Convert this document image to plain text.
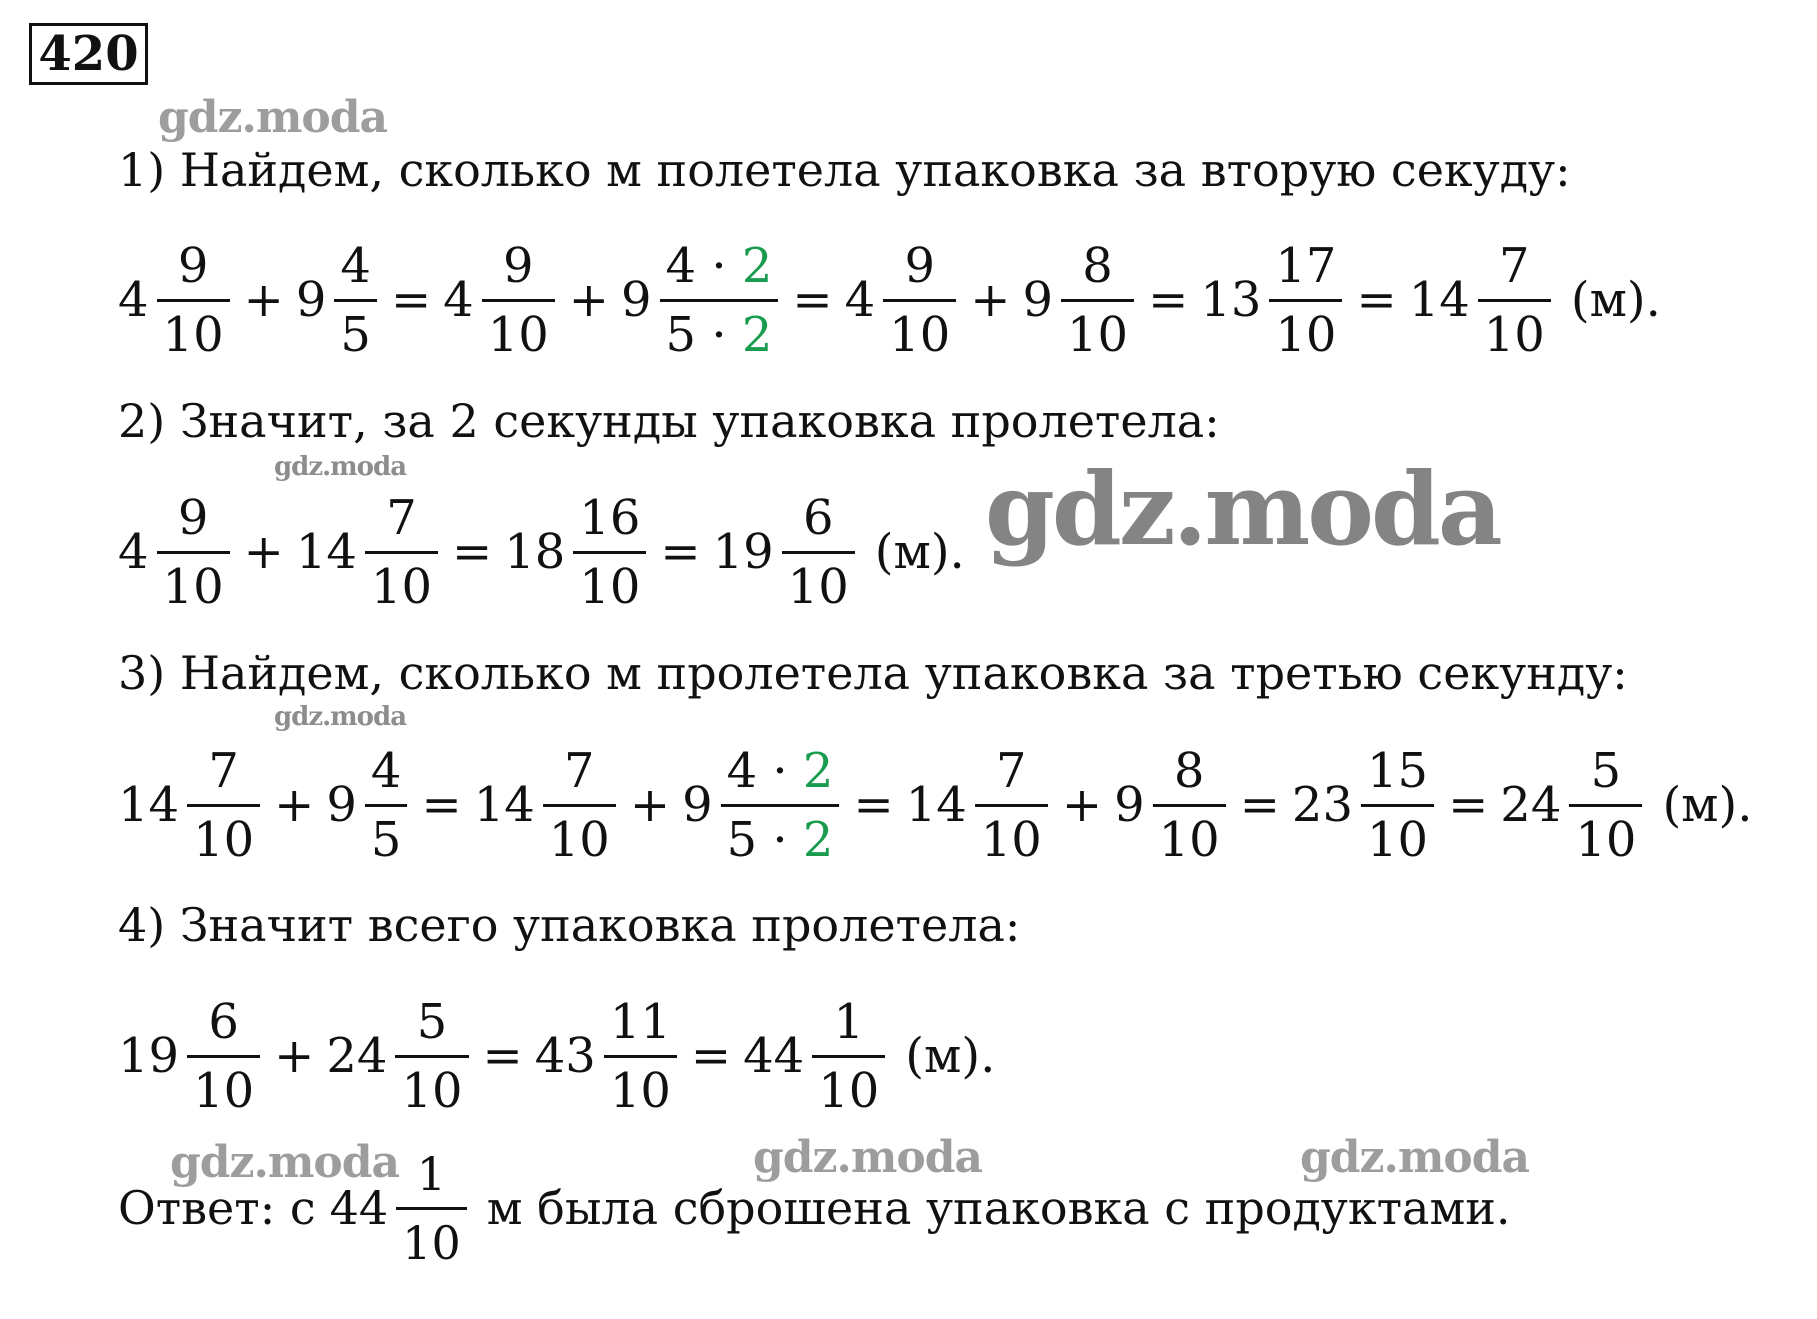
420
gdz.moda
gdz.moda	gdz.moda
gdz.moda
gdz.moda	gdz.moda	gdz.moda
1) Найдем, сколько м полетела упаковка за вторую секуду:
$4 \frac{9}{10} + 9 \frac{4}{5} = 4 \frac{9}{10} + 9 \frac{4 \cdot 2}{5 \cdot 2} = 4 \frac{9}{10} + 9 \frac{8}{10} = 13 \frac{17}{10} = 14 \frac{7}{10} (м)$.
2) Значит, за 2 секунды упаковка пролетела:
$4 \frac{9}{10} + 14 \frac{7}{10} = 18 \frac{16}{10} = 19 \frac{6}{10} (м)$.
3) Найдем, сколько м пролетела упаковка за третью секунду:
$14 \frac{7}{10} + 9 \frac{4}{5} = 14 \frac{7}{10} + 9 \frac{4 \cdot 2}{5 \cdot 2} = 14 \frac{7}{10} + 9 \frac{8}{10} = 23 \frac{15}{10} = 24 \frac{5}{10} (м)$.
4) Значит всего упаковка пролетела:
$19 \frac{6}{10} + 24 \frac{5}{10} = 43 \frac{11}{10} = 44 \frac{1}{10} (м)$.
Ответ: с $44 \frac{1}{10}$ м была сброшена упаковка с продуктами.
